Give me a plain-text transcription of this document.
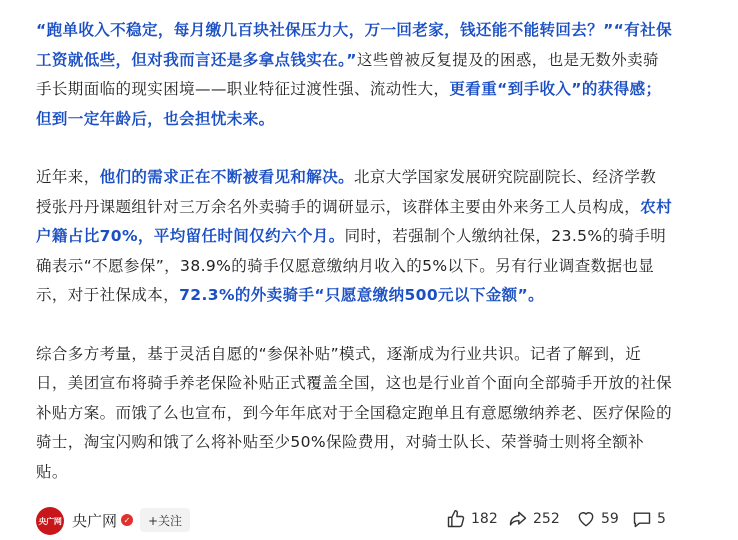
“跑单收入不稳定，每月缴几百块社保压力大，万一回老家，钱还能不能转回去？”“有社保工资就低些，但对我而言还是多拿点钱实在。”这些曾被反复提及的困惑，也是无数外卖骑手长期面临的现实困境——职业特征过渡性强、流动性大，更看重“到手收入”的获得感；但到一定年龄后，也会担忧未来。

近年来，他们的需求正在不断被看见和解决。北京大学国家发展研究院副院长、经济学教授张丹丹课题组针对三万余名外卖骑手的调研显示，该群体主要由外来务工人员构成，农村户籍占比70%，平均留任时间仅约六个月。同时，若强制个人缴纳社保，23.5%的骑手明确表示“不愿参保”，38.9%的骑手仅愿意缴纳月收入的5%以下。另有行业调查数据也显示，对于社保成本，72.3%的外卖骑手“只愿意缴纳500元以下金额”。

综合多方考量，基于灵活自愿的“参保补贴”模式，逐渐成为行业共识。记者了解到，近日，美团宣布将骑手养老保险补贴正式覆盖全国，这也是行业首个面向全部骑手开放的社保补贴方案。而饿了么也宣布，到今年年底对于全国稳定跑单且有意愿缴纳养老、医疗保险的骑士，淘宝闪购和饿了么将补贴至少50%保险费用，对骑士队长、荣誉骑士则将全额补贴。

央广网 央广网 ✓	+关注	182	252	59	5
